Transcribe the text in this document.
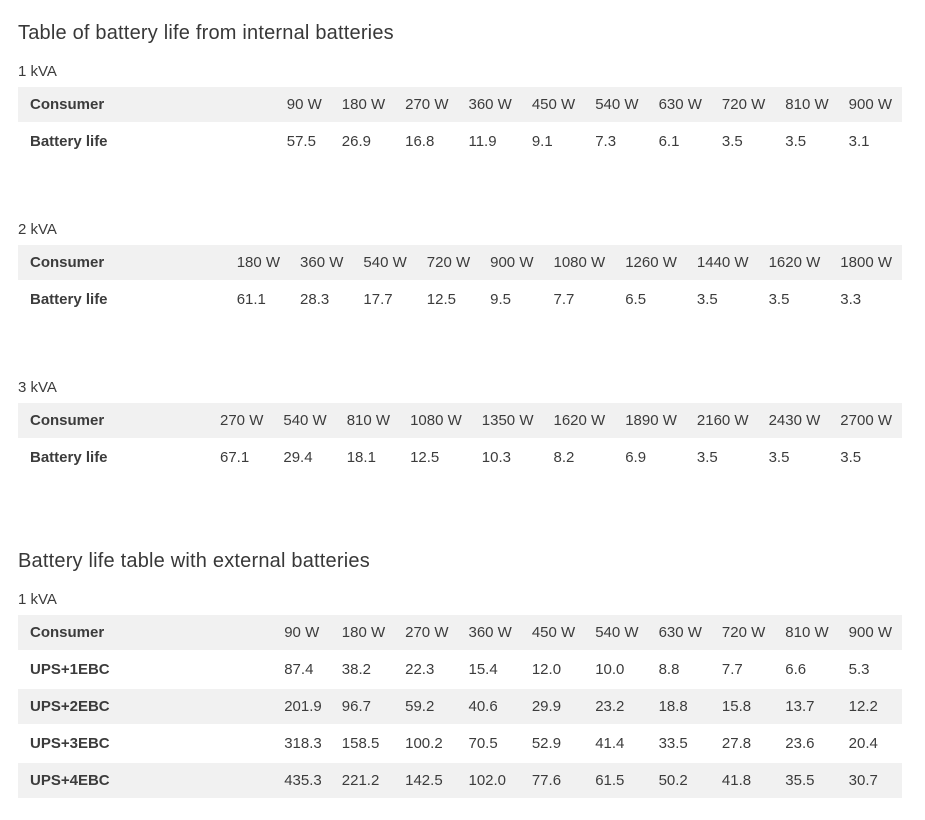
Table of battery life from internal batteries
1 kVA
Consumer	90 W	180 W	270 W	360 W	450 W	540 W	630 W	720 W	810 W	900 W
Battery life	57.5	26.9	16.8	11.9	9.1	7.3	6.1	3.5	3.5	3.1
2 kVA
Consumer	180 W	360 W	540 W	720 W	900 W	1080 W	1260 W	1440 W	1620 W	1800 W
Battery life	61.1	28.3	17.7	12.5	9.5	7.7	6.5	3.5	3.5	3.3
3 kVA
Consumer	270 W	540 W	810 W	1080 W	1350 W	1620 W	1890 W	2160 W	2430 W	2700 W
Battery life	67.1	29.4	18.1	12.5	10.3	8.2	6.9	3.5	3.5	3.5
Battery life table with external batteries
1 kVA
Consumer	90 W	180 W	270 W	360 W	450 W	540 W	630 W	720 W	810 W	900 W
UPS+1EBC	87.4	38.2	22.3	15.4	12.0	10.0	8.8	7.7	6.6	5.3
UPS+2EBC	201.9	96.7	59.2	40.6	29.9	23.2	18.8	15.8	13.7	12.2
UPS+3EBC	318.3	158.5	100.2	70.5	52.9	41.4	33.5	27.8	23.6	20.4
UPS+4EBC	435.3	221.2	142.5	102.0	77.6	61.5	50.2	41.8	35.5	30.7
